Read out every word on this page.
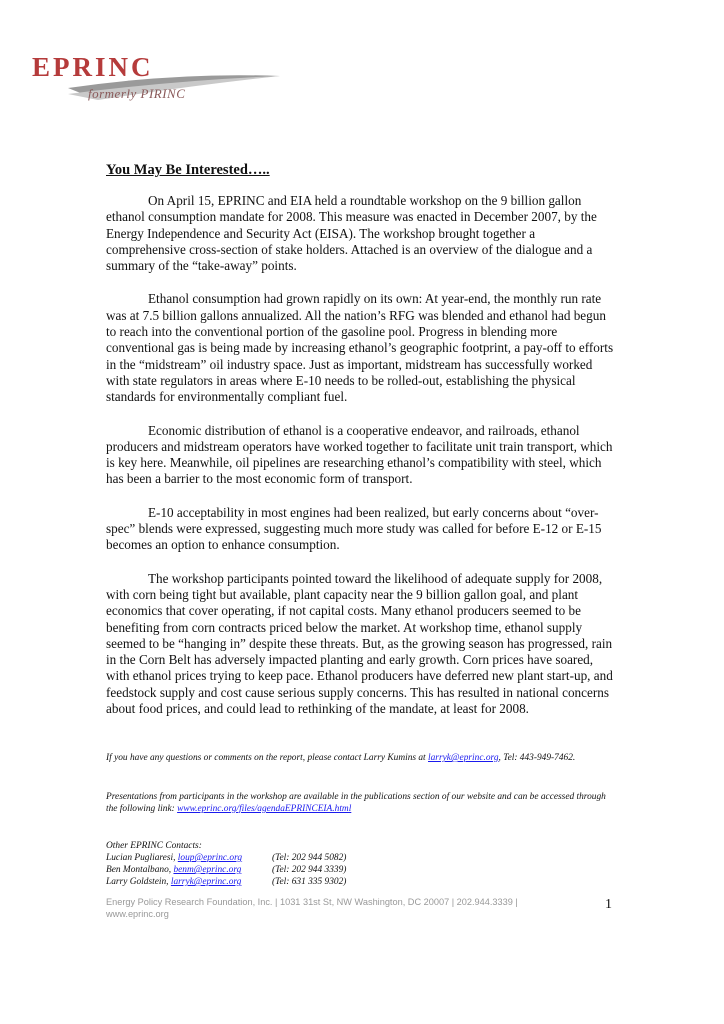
EPRINC
formerly PIRINC
You May Be Interested…..

On April 15, EPRINC and EIA held a roundtable workshop on the 9 billion gallon ethanol consumption mandate for 2008. This measure was enacted in December 2007, by the Energy Independence and Security Act (EISA). The workshop brought together a comprehensive cross-section of stake holders. Attached is an overview of the dialogue and a summary of the “take-away” points.

Ethanol consumption had grown rapidly on its own: At year-end, the monthly run rate was at 7.5 billion gallons annualized. All the nation’s RFG was blended and ethanol had begun to reach into the conventional portion of the gasoline pool. Progress in blending more conventional gas is being made by increasing ethanol’s geographic footprint, a pay-off to efforts in the “midstream” oil industry space. Just as important, midstream has successfully worked with state regulators in areas where E-10 needs to be rolled-out, establishing the physical standards for environmentally compliant fuel.

Economic distribution of ethanol is a cooperative endeavor, and railroads, ethanol producers and midstream operators have worked together to facilitate unit train transport, which is key here. Meanwhile, oil pipelines are researching ethanol’s compatibility with steel, which has been a barrier to the most economic form of transport.

E-10 acceptability in most engines had been realized, but early concerns about “over-spec” blends were expressed, suggesting much more study was called for before E-12 or E-15 becomes an option to enhance consumption.

The workshop participants pointed toward the likelihood of adequate supply for 2008, with corn being tight but available, plant capacity near the 9 billion gallon goal, and plant economics that cover operating, if not capital costs. Many ethanol producers seemed to be benefiting from corn contracts priced below the market. At workshop time, ethanol supply seemed to be “hanging in” despite these threats. But, as the growing season has progressed, rain in the Corn Belt has adversely impacted planting and early growth. Corn prices have soared, with ethanol prices trying to keep pace. Ethanol producers have deferred new plant start-up, and feedstock supply and cost cause serious supply concerns. This has resulted in national concerns about food prices, and could lead to rethinking of the mandate, at least for 2008.

If you have any questions or comments on the report, please contact Larry Kumins at larryk@eprinc.org, Tel: 443-949-7462.
Presentations from participants in the workshop are available in the publications section of our website and can be accessed through the following link: www.eprinc.org/files/agendaEPRINCEIA.html
Other EPRINC Contacts:
Lucian Pugliaresi, loup@eprinc.org	(Tel: 202 944 5082)
Ben Montalbano, benm@eprinc.org	(Tel: 202 944 3339)
Larry Goldstein, larryk@eprinc.org	(Tel: 631 335 9302)
Energy Policy Research Foundation, Inc. | 1031 31st St, NW Washington, DC 20007 | 202.944.3339 |
www.eprinc.org
1
